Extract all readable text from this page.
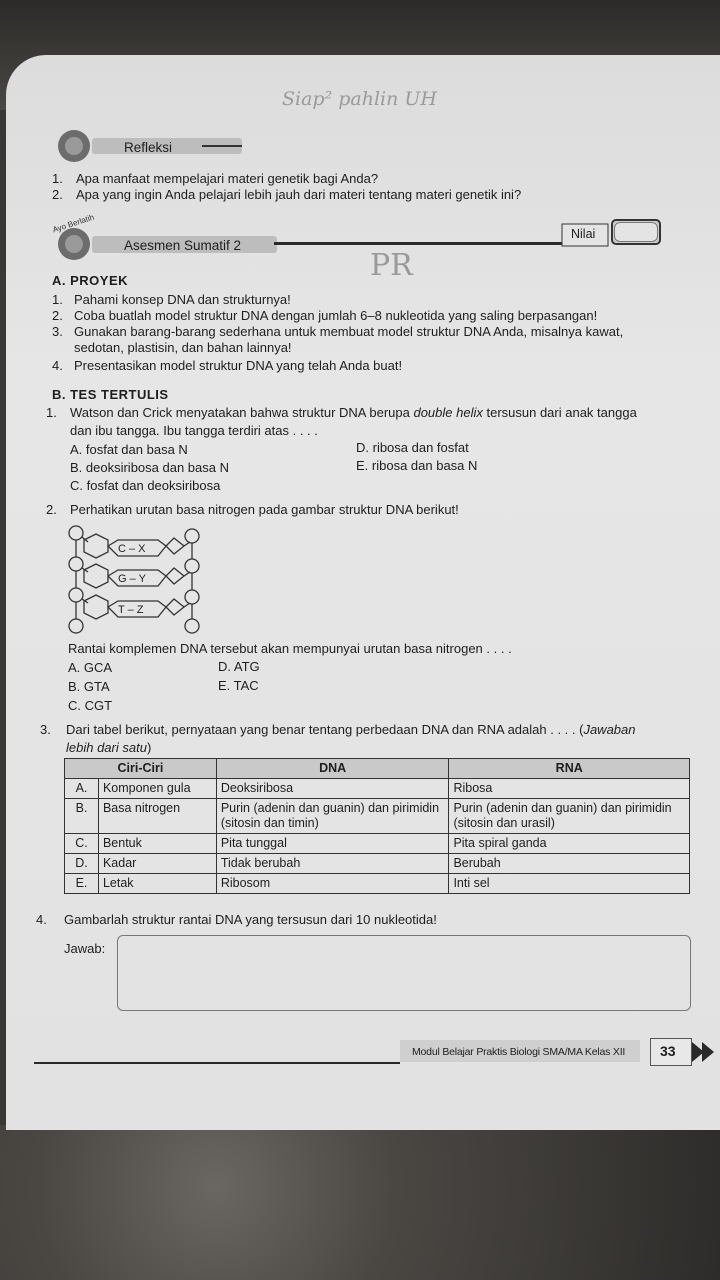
Siap² pahlin UH
PR
Refleksi
1. Apa manfaat mempelajari materi genetik bagi Anda?
2. Apa yang ingin Anda pelajari lebih jauh dari materi tentang materi genetik ini?
Ayo Berlatih
Asesmen Sumatif 2
Nilai
A. PROYEK
1. Pahami konsep DNA dan strukturnya!
2. Coba buatlah model struktur DNA dengan jumlah 6–8 nukleotida yang saling berpasangan!
3. Gunakan barang-barang sederhana untuk membuat model struktur DNA Anda, misalnya kawat,
sedotan, plastisin, dan bahan lainnya!
4. Presentasikan model struktur DNA yang telah Anda buat!
B. TES TERTULIS
1. Watson dan Crick menyatakan bahwa struktur DNA berupa double helix tersusun dari anak tangga
dan ibu tangga. Ibu tangga terdiri atas . . . .
A. fosfat dan basa N
B. deoksiribosa dan basa N
C. fosfat dan deoksiribosa
D. ribosa dan fosfat
E. ribosa dan basa N
2. Perhatikan urutan basa nitrogen pada gambar struktur DNA berikut!
C – X
G – Y
T – Z
Rantai komplemen DNA tersebut akan mempunyai urutan basa nitrogen . . . .
A. GCA
B. GTA
C. CGT
D. ATG
E. TAC
3. Dari tabel berikut, pernyataan yang benar tentang perbedaan DNA dan RNA adalah . . . . (Jawaban
lebih dari satu)
Ciri-Ciri		DNA	RNA
A.	Komponen gula	Deoksiribosa	Ribosa
B.	Basa nitrogen	Purin (adenin dan guanin) dan pirimidin (sitosin dan timin)	Purin (adenin dan guanin) dan pirimidin (sitosin dan urasil)
C.	Bentuk	Pita tunggal	Pita spiral ganda
D.	Kadar	Tidak berubah	Berubah
E.	Letak	Ribosom	Inti sel
4. Gambarlah struktur rantai DNA yang tersusun dari 10 nukleotida!
Jawab:
Modul Belajar Praktis Biologi SMA/MA Kelas XII 33
